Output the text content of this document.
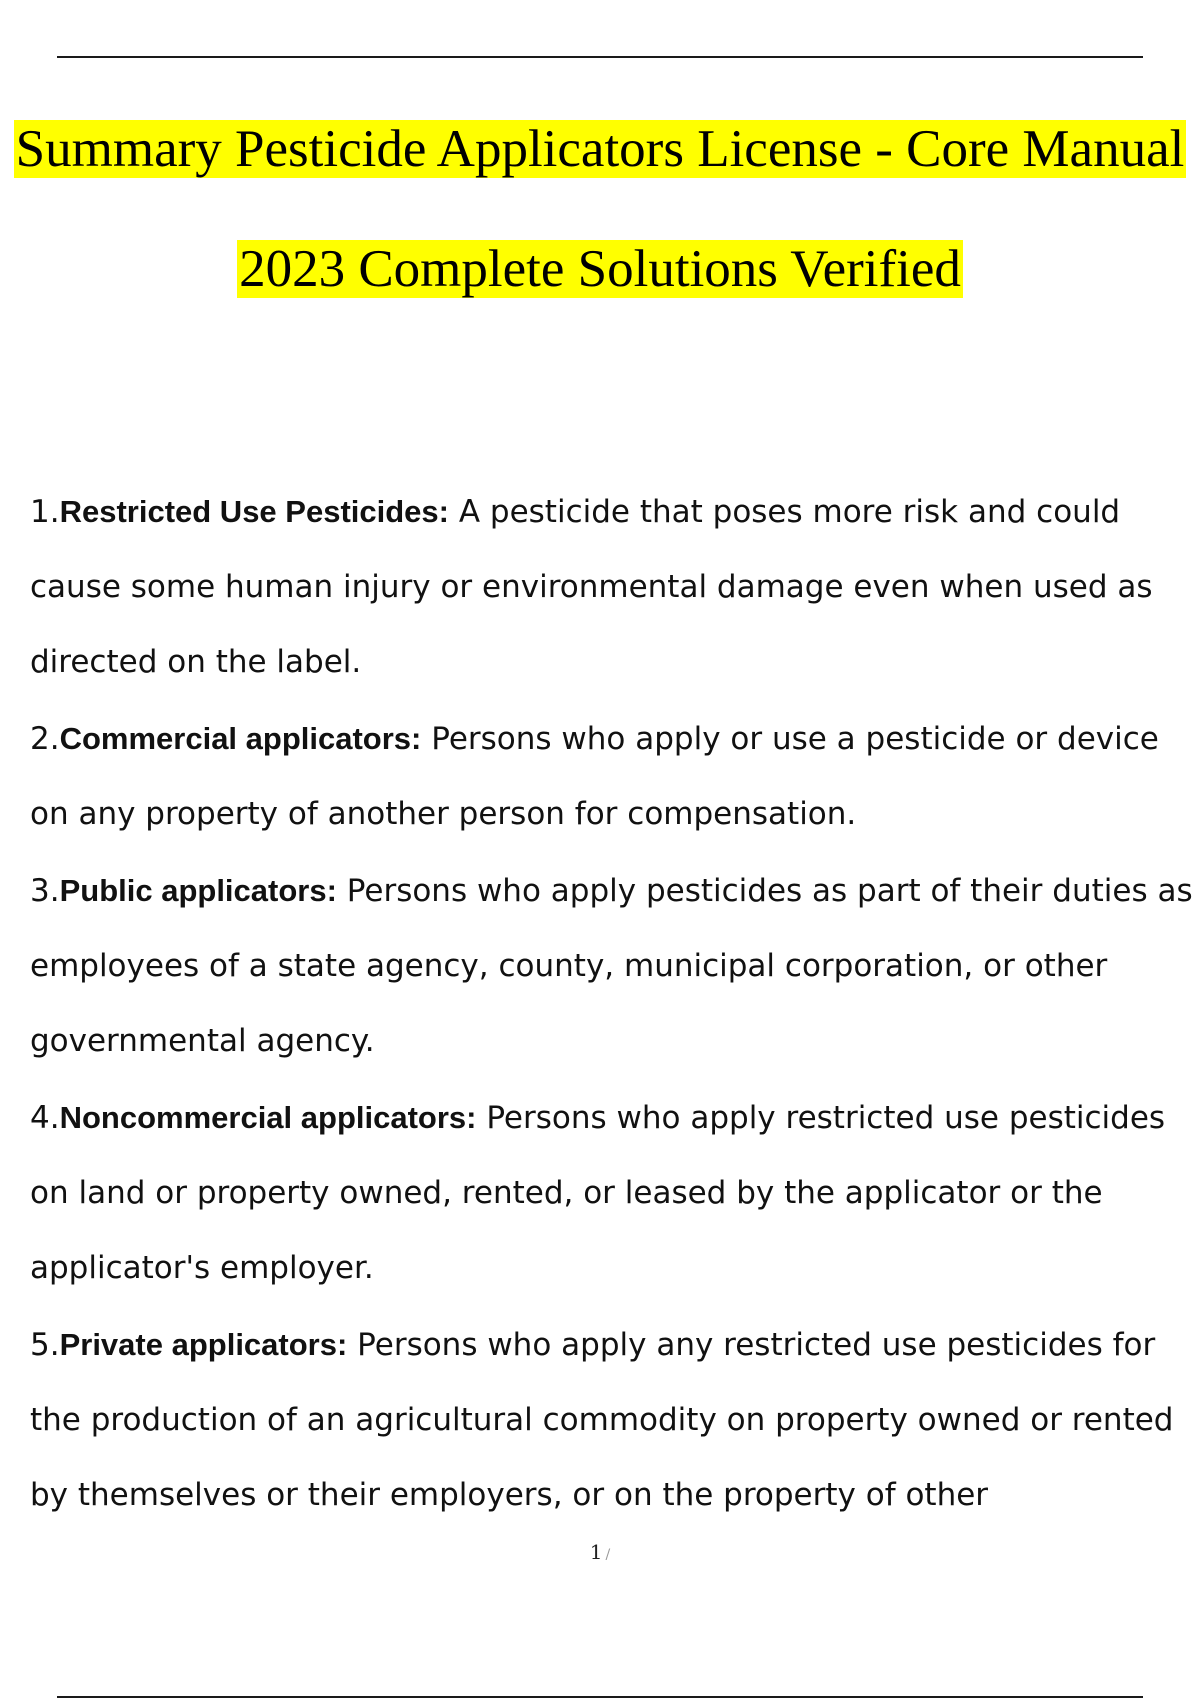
Summary Pesticide Applicators License - Core Manual
2023 Complete Solutions Verified
1.Restricted Use Pesticides: A pesticide that poses more risk and could cause some human injury or environmental damage even when used as directed on the label.
2.Commercial applicators: Persons who apply or use a pesticide or device on any property of another person for compensation.
3.Public applicators: Persons who apply pesticides as part of their duties as employees of a state agency, county, municipal corporation, or other governmental agency.
4.Noncommercial applicators: Persons who apply restricted use pesticides on land or property owned, rented, or leased by the applicator or the applicator's employer.
5.Private applicators: Persons who apply any restricted use pesticides for the production of an agricultural commodity on property owned or rented by themselves or their employers, or on the property of other
1 /
